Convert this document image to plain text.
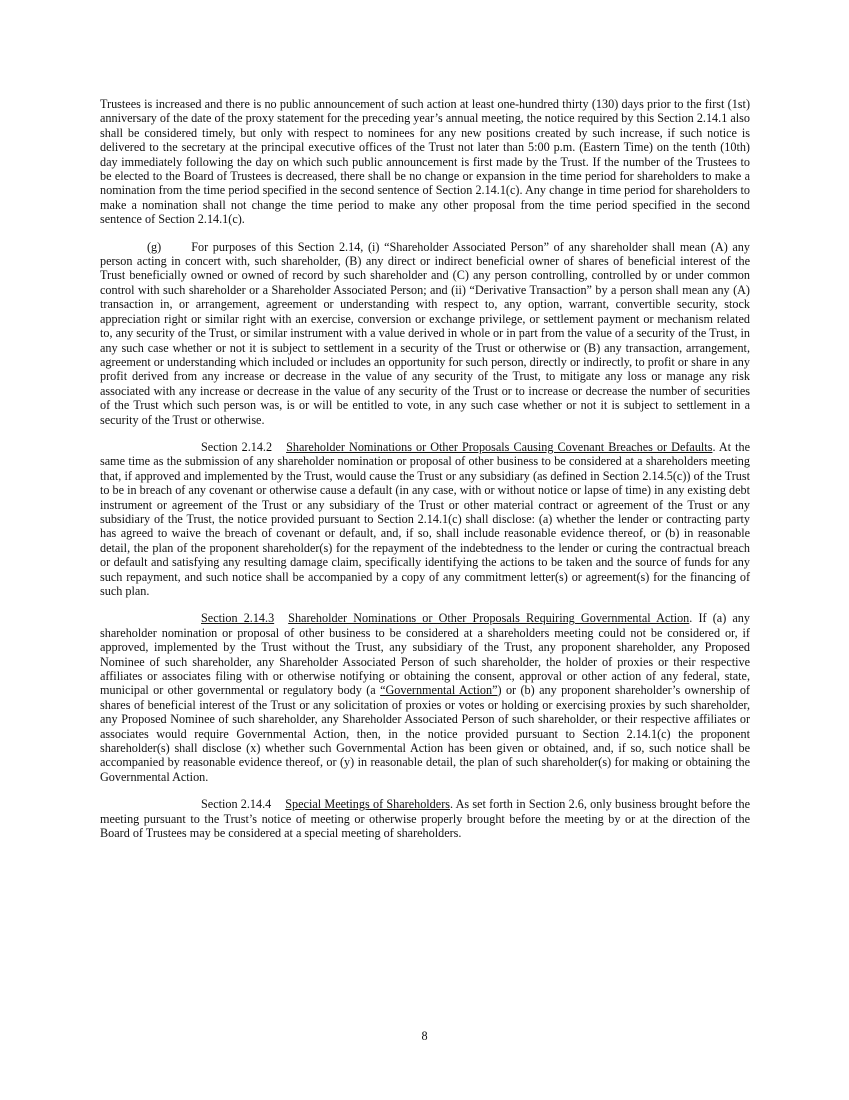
Trustees is increased and there is no public announcement of such action at least one-hundred thirty (130) days prior to the first (1st) anniversary of the date of the proxy statement for the preceding year’s annual meeting, the notice required by this Section 2.14.1 also shall be considered timely, but only with respect to nominees for any new positions created by such increase, if such notice is delivered to the secretary at the principal executive offices of the Trust not later than 5:00 p.m. (Eastern Time) on the tenth (10th) day immediately following the day on which such public announcement is first made by the Trust. If the number of the Trustees to be elected to the Board of Trustees is decreased, there shall be no change or expansion in the time period for shareholders to make a nomination from the time period specified in the second sentence of Section 2.14.1(c). Any change in time period for shareholders to make a nomination shall not change the time period to make any other proposal from the time period specified in the second sentence of Section 2.14.1(c).

(g) For purposes of this Section 2.14, (i) “Shareholder Associated Person” of any shareholder shall mean (A) any person acting in concert with, such shareholder, (B) any direct or indirect beneficial owner of shares of beneficial interest of the Trust beneficially owned or owned of record by such shareholder and (C) any person controlling, controlled by or under common control with such shareholder or a Shareholder Associated Person; and (ii) “Derivative Transaction” by a person shall mean any (A) transaction in, or arrangement, agreement or understanding with respect to, any option, warrant, convertible security, stock appreciation right or similar right with an exercise, conversion or exchange privilege, or settlement payment or mechanism related to, any security of the Trust, or similar instrument with a value derived in whole or in part from the value of a security of the Trust, in any such case whether or not it is subject to settlement in a security of the Trust or otherwise or (B) any transaction, arrangement, agreement or understanding which included or includes an opportunity for such person, directly or indirectly, to profit or share in any profit derived from any increase or decrease in the value of any security of the Trust, to mitigate any loss or manage any risk associated with any increase or decrease in the value of any security of the Trust or to increase or decrease the number of securities of the Trust which such person was, is or will be entitled to vote, in any such case whether or not it is subject to settlement in a security of the Trust or otherwise.

Section 2.14.2 Shareholder Nominations or Other Proposals Causing Covenant Breaches or Defaults. At the same time as the submission of any shareholder nomination or proposal of other business to be considered at a shareholders meeting that, if approved and implemented by the Trust, would cause the Trust or any subsidiary (as defined in Section 2.14.5(c)) of the Trust to be in breach of any covenant or otherwise cause a default (in any case, with or without notice or lapse of time) in any existing debt instrument or agreement of the Trust or any subsidiary of the Trust or other material contract or agreement of the Trust or any subsidiary of the Trust, the notice provided pursuant to Section 2.14.1(c) shall disclose: (a) whether the lender or contracting party has agreed to waive the breach of covenant or default, and, if so, shall include reasonable evidence thereof, or (b) in reasonable detail, the plan of the proponent shareholder(s) for the repayment of the indebtedness to the lender or curing the contractual breach or default and satisfying any resulting damage claim, specifically identifying the actions to be taken and the source of funds for any such repayment, and such notice shall be accompanied by a copy of any commitment letter(s) or agreement(s) for the financing of such plan.

Section 2.14.3 Shareholder Nominations or Other Proposals Requiring Governmental Action. If (a) any shareholder nomination or proposal of other business to be considered at a shareholders meeting could not be considered or, if approved, implemented by the Trust without the Trust, any subsidiary of the Trust, any proponent shareholder, any Proposed Nominee of such shareholder, any Shareholder Associated Person of such shareholder, the holder of proxies or their respective affiliates or associates filing with or otherwise notifying or obtaining the consent, approval or other action of any federal, state, municipal or other governmental or regulatory body (a “Governmental Action”) or (b) any proponent shareholder’s ownership of shares of beneficial interest of the Trust or any solicitation of proxies or votes or holding or exercising proxies by such shareholder, any Proposed Nominee of such shareholder, any Shareholder Associated Person of such shareholder, or their respective affiliates or associates would require Governmental Action, then, in the notice provided pursuant to Section 2.14.1(c) the proponent shareholder(s) shall disclose (x) whether such Governmental Action has been given or obtained, and, if so, such notice shall be accompanied by reasonable evidence thereof, or (y) in reasonable detail, the plan of such shareholder(s) for making or obtaining the Governmental Action.

Section 2.14.4 Special Meetings of Shareholders. As set forth in Section 2.6, only business brought before the meeting pursuant to the Trust’s notice of meeting or otherwise properly brought before the meeting by or at the direction of the Board of Trustees may be considered at a special meeting of shareholders.

8
